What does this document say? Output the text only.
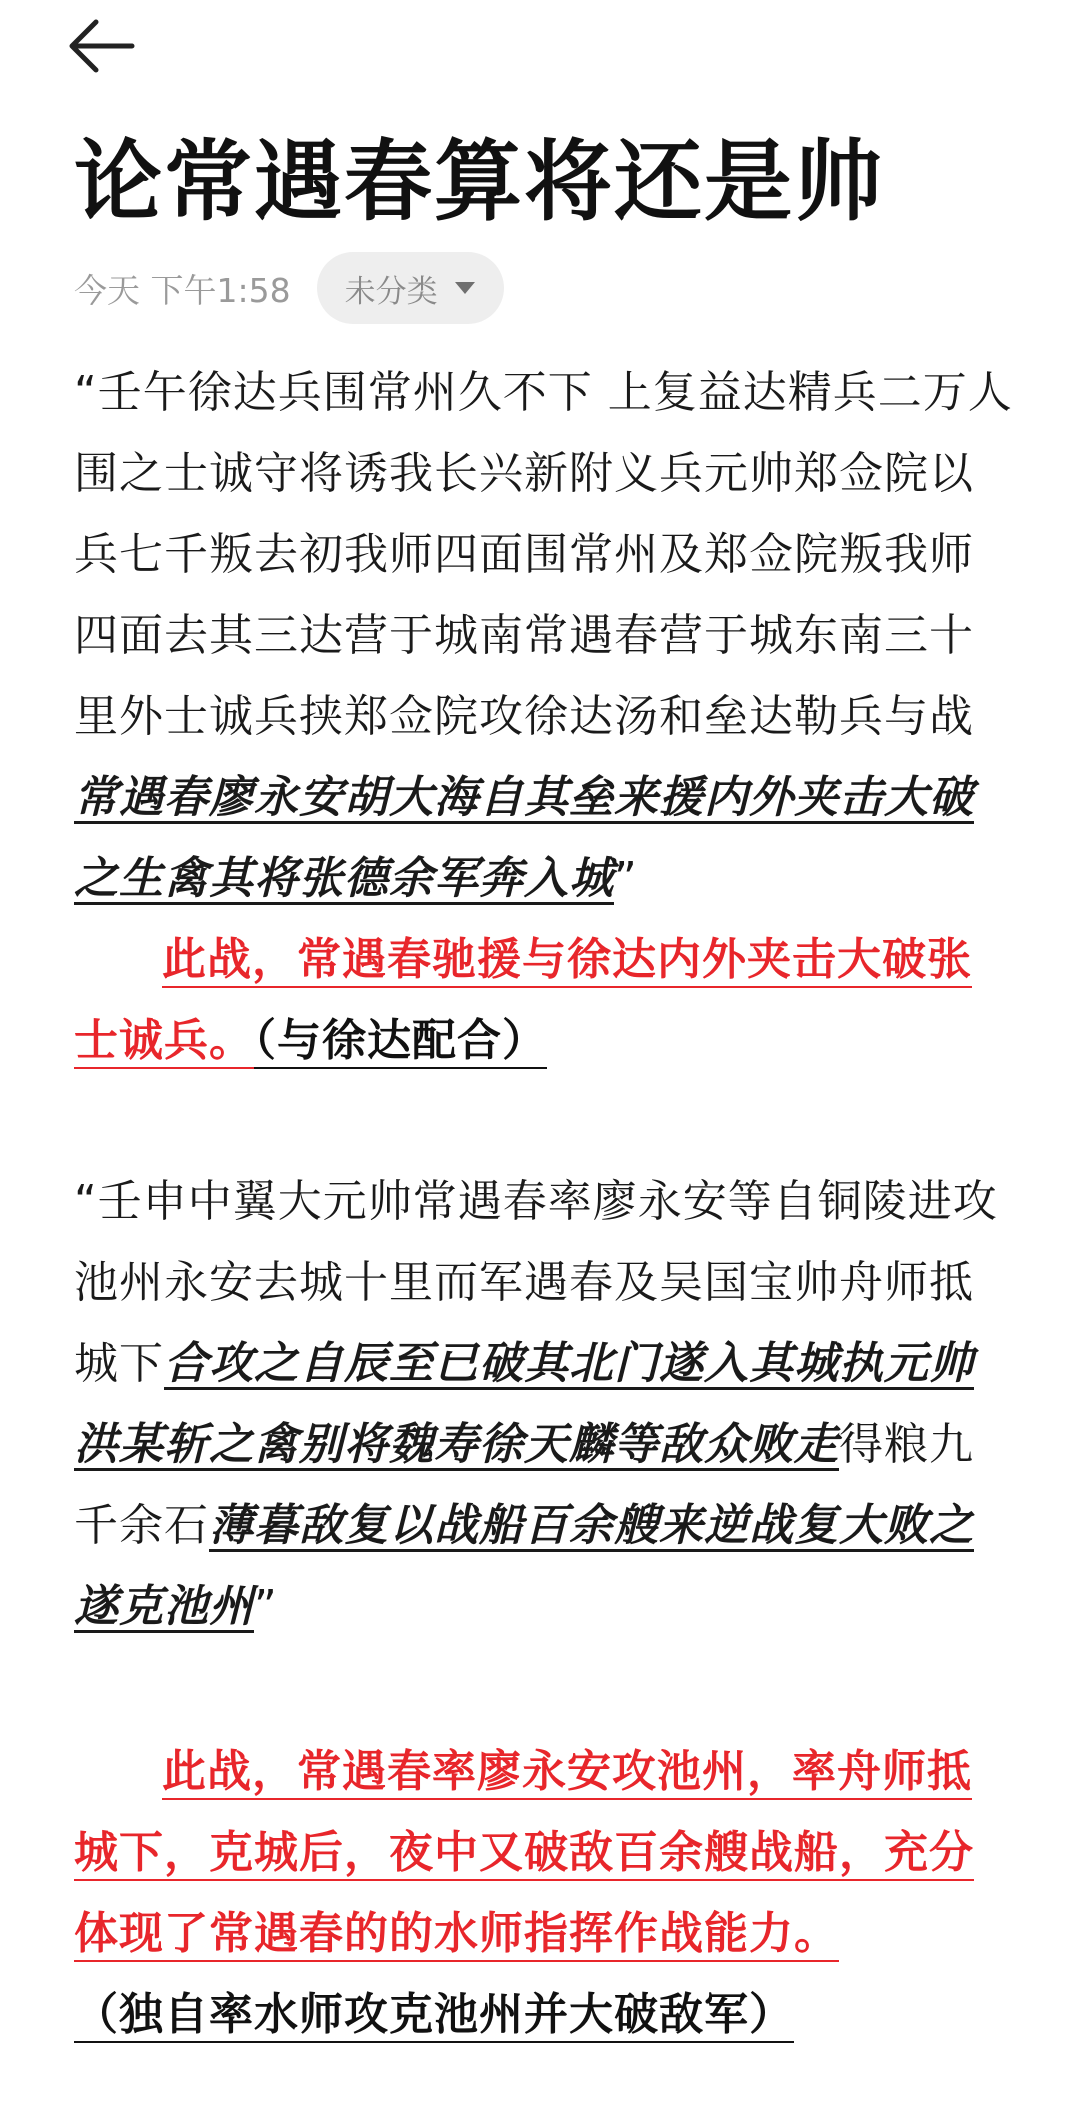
论常遇春算将还是帅
今天 下午1:58 未分类

“壬午徐达兵围常州久不下 上复益达精兵二万人围之士诚守将诱我长兴新附义兵元帅郑佥院以兵七千叛去初我师四面围常州及郑佥院叛我师四面去其三达营于城南常遇春营于城东南三十里外士诚兵挟郑佥院攻徐达汤和垒达勒兵与战常遇春廖永安胡大海自其垒来援内外夹击大破之生禽其将张德余军奔入城”

此战，常遇春驰援与徐达内外夹击大破张士诚兵。（与徐达配合）

“壬申中翼大元帅常遇春率廖永安等自铜陵进攻池州永安去城十里而军遇春及吴国宝帅舟师抵城下合攻之自辰至已破其北门遂入其城执元帅洪某斩之禽别将魏寿徐天麟等敌众败走得粮九千余石薄暮敌复以战船百余艘来逆战复大败之遂克池州”

此战，常遇春率廖永安攻池州，率舟师抵城下，克城后，夜中又破敌百余艘战船，充分体现了常遇春的的水师指挥作战能力。

（独自率水师攻克池州并大破敌军）
